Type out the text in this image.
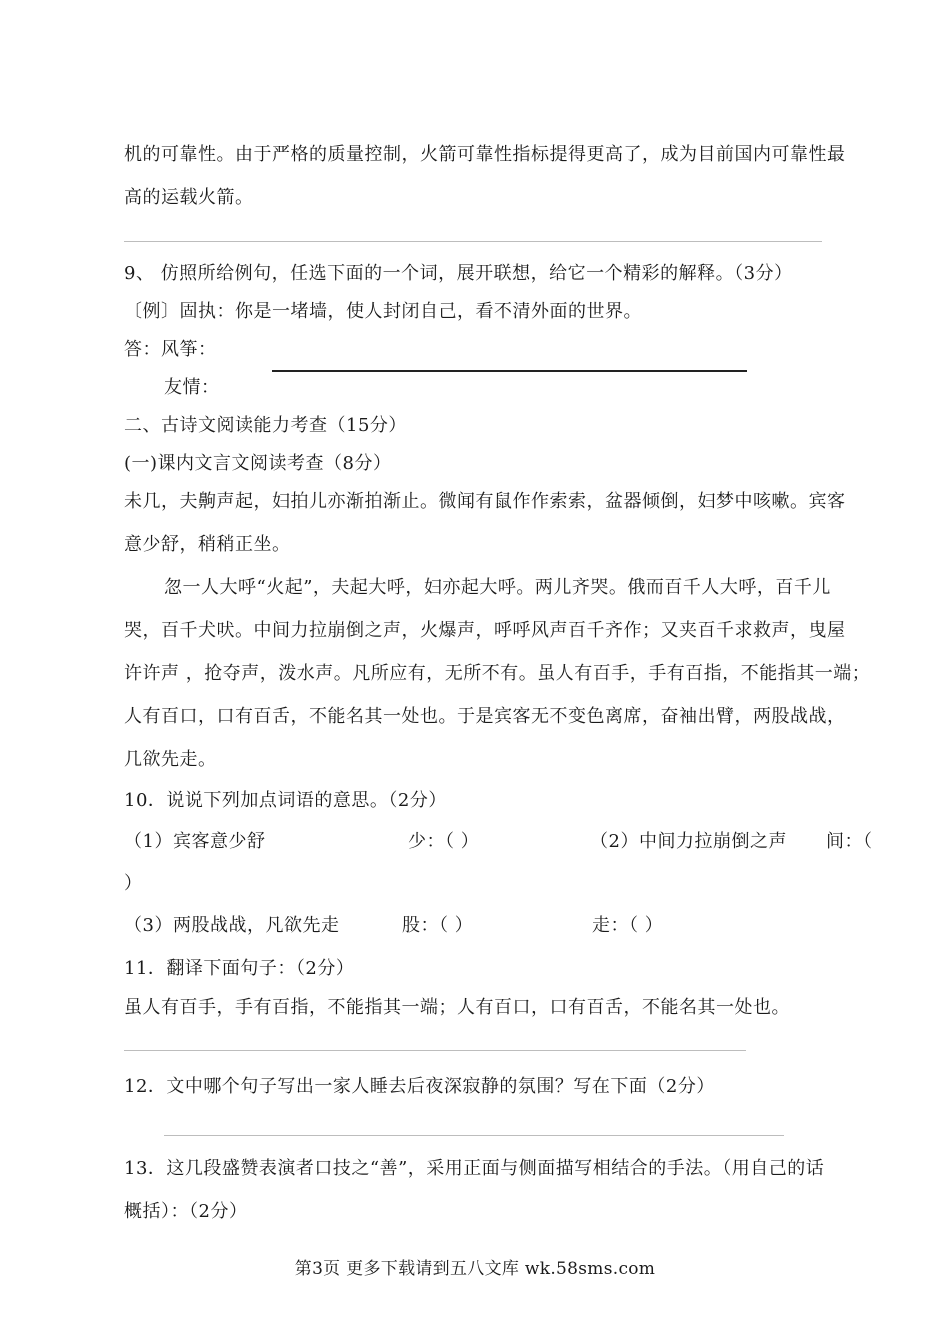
机的可靠性。由于严格的质量控制，火箭可靠性指标提得更高了，成为目前国内可靠性最
高的运载火箭。
9、 仿照所给例句，任选下面的一个词，展开联想，给它一个精彩的解释。（3分）
〔例〕固执：你是一堵墙，使人封闭自己，看不清外面的世界。
答：风筝：
友情：
二、古诗文阅读能力考查（15分）
(一)课内文言文阅读考查（8分）
未几，夫齁声起，妇拍儿亦渐拍渐止。微闻有鼠作作索索，盆器倾倒，妇梦中咳嗽。宾客
意少舒，稍稍正坐。
忽一人大呼“火起”，夫起大呼，妇亦起大呼。两儿齐哭。俄而百千人大呼，百千儿
哭，百千犬吠。中间力拉崩倒之声，火爆声，呼呼风声百千齐作；又夹百千求救声，曳屋
许许声 ，抢夺声，泼水声。凡所应有，无所不有。虽人有百手，手有百指，不能指其一端；
人有百口，口有百舌，不能名其一处也。于是宾客无不变色离席，奋袖出臂，两股战战，
几欲先走。
10．说说下列加点词语的意思。（2分）
（1）宾客意少舒	少：（ ）	（2）中间力拉崩倒之声 间：（
）
（3）两股战战，凡欲先走	股：（ ）	走：（ ）
11．翻译下面句子：（2分）
虽人有百手，手有百指，不能指其一端；人有百口，口有百舌，不能名其一处也。
12．文中哪个句子写出一家人睡去后夜深寂静的氛围？写在下面（2分）
13．这几段盛赞表演者口技之“善”，采用正面与侧面描写相结合的手法。（用自己的话
概括）：（2分）
第3页 更多下载请到五八文库 wk.58sms.com
